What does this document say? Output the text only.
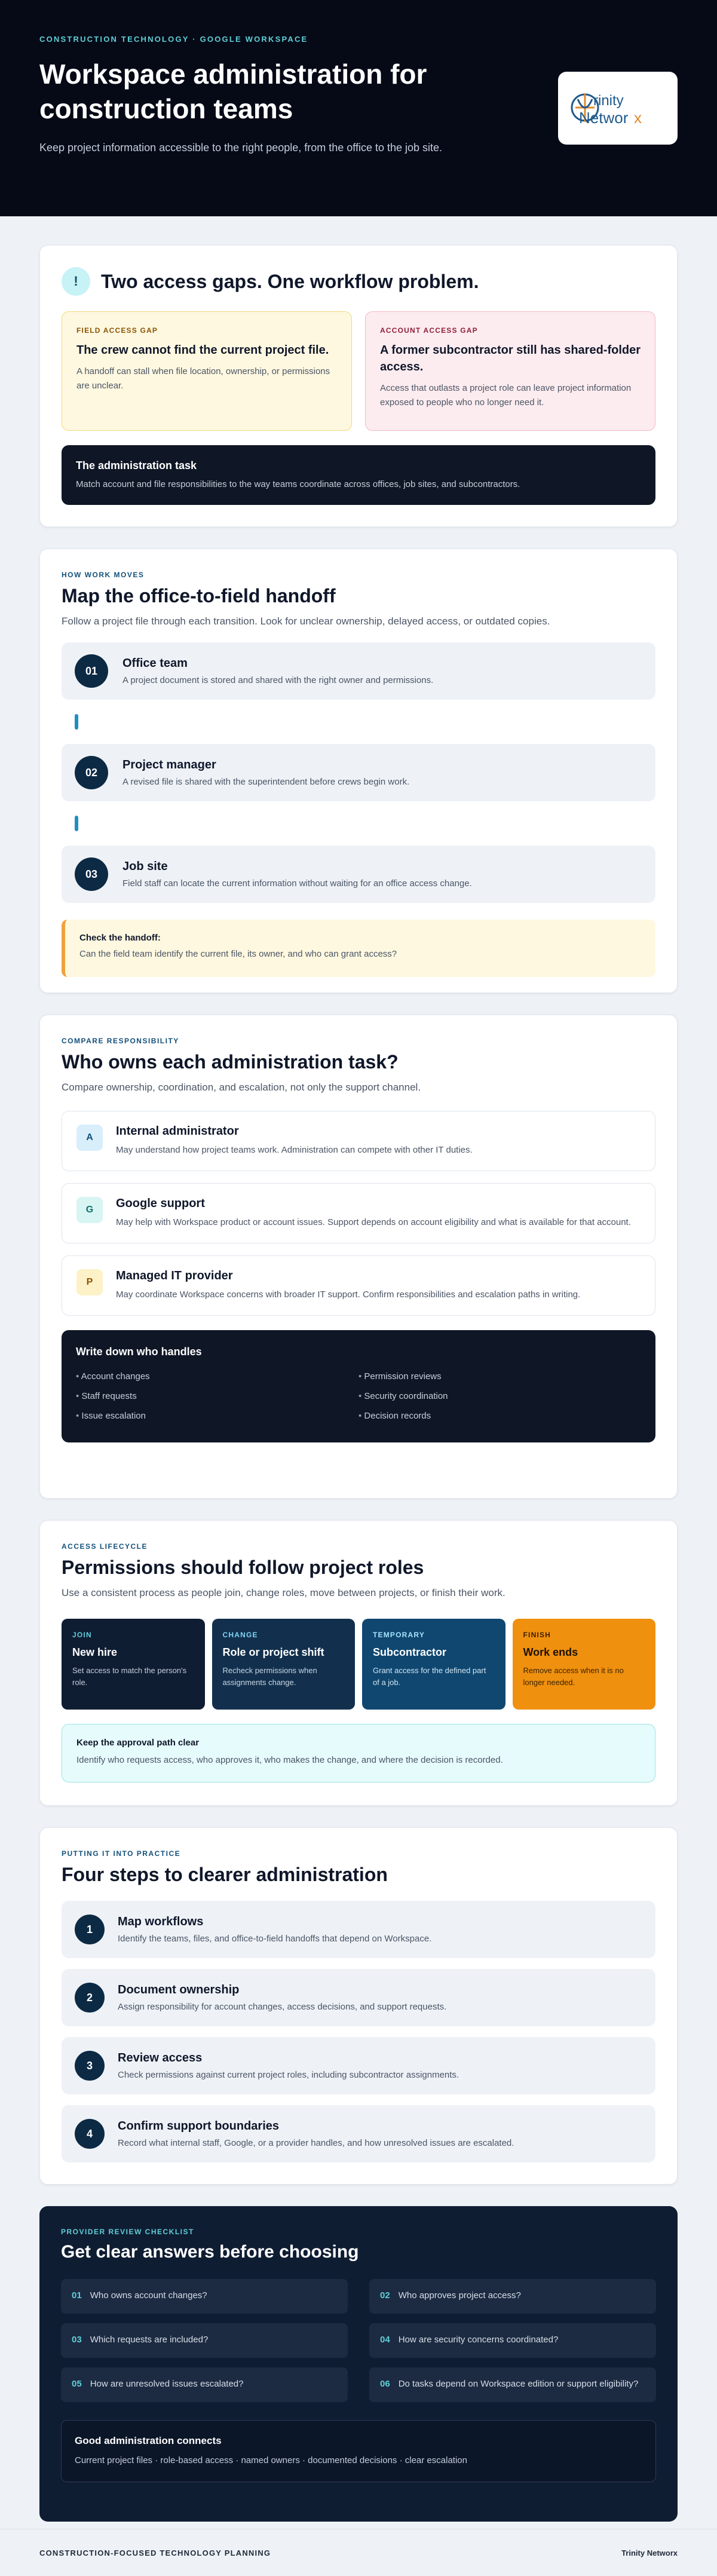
CONSTRUCTION TECHNOLOGY · GOOGLE WORKSPACE
Workspace administration for construction teams

Keep project information accessible to the right people, from the office to the job site.

rinity
Networ x
!	Two access gaps. One workflow problem.
FIELD ACCESS GAP
The crew cannot find the current project file.

A handoff can stall when file location, ownership, or permissions are unclear.

ACCOUNT ACCESS GAP
A former subcontractor still has shared-folder access.

Access that outlasts a project role can leave project information exposed to people who no longer need it.

The administration task

Match account and file responsibilities to the way teams coordinate across offices, job sites, and subcontractors.

HOW WORK MOVES
Map the office-to-field handoff

Follow a project file through each transition. Look for unclear ownership, delayed access, or outdated copies.

01
Office team

A project document is stored and shared with the right owner and permissions.

02
Project manager

A revised file is shared with the superintendent before crews begin work.

03
Job site

Field staff can locate the current information without waiting for an office access change.

Check the handoff:

Can the field team identify the current file, its owner, and who can grant access?

COMPARE RESPONSIBILITY
Who owns each administration task?

Compare ownership, coordination, and escalation, not only the support channel.

A	Internal administrator

May understand how project teams work. Administration can compete with other IT duties.

G	Google support

May help with Workspace product or account issues. Support depends on account eligibility and what is available for that account.

P	Managed IT provider

May coordinate Workspace concerns with broader IT support. Confirm responsibilities and escalation paths in writing.

Write down who handles
• Account changes	• Permission reviews
• Staff requests	• Security coordination
• Issue escalation	• Decision records
ACCESS LIFECYCLE
Permissions should follow project roles

Use a consistent process as people join, change roles, move between projects, or finish their work.

JOIN
New hire

Set access to match the person's role.

CHANGE
Role or project shift

Recheck permissions when assignments change.

TEMPORARY
Subcontractor

Grant access for the defined part of a job.

FINISH
Work ends

Remove access when it is no longer needed.

Keep the approval path clear

Identify who requests access, who approves it, who makes the change, and where the decision is recorded.

PUTTING IT INTO PRACTICE
Four steps to clearer administration
1
Map workflows

Identify the teams, files, and office-to-field handoffs that depend on Workspace.

2
Document ownership

Assign responsibility for account changes, access decisions, and support requests.

3
Review access

Check permissions against current project roles, including subcontractor assignments.

4
Confirm support boundaries

Record what internal staff, Google, or a provider handles, and how unresolved issues are escalated.

PROVIDER REVIEW CHECKLIST
Get clear answers before choosing
01 Who owns account changes?	02 Who approves project access?
03 Which requests are included?	04 How are security concerns coordinated?
05 How are unresolved issues escalated?	06 Do tasks depend on Workspace edition or support eligibility?
Good administration connects

Current project files · role-based access · named owners · documented decisions · clear escalation

CONSTRUCTION-FOCUSED TECHNOLOGY PLANNING	Trinity Networx
